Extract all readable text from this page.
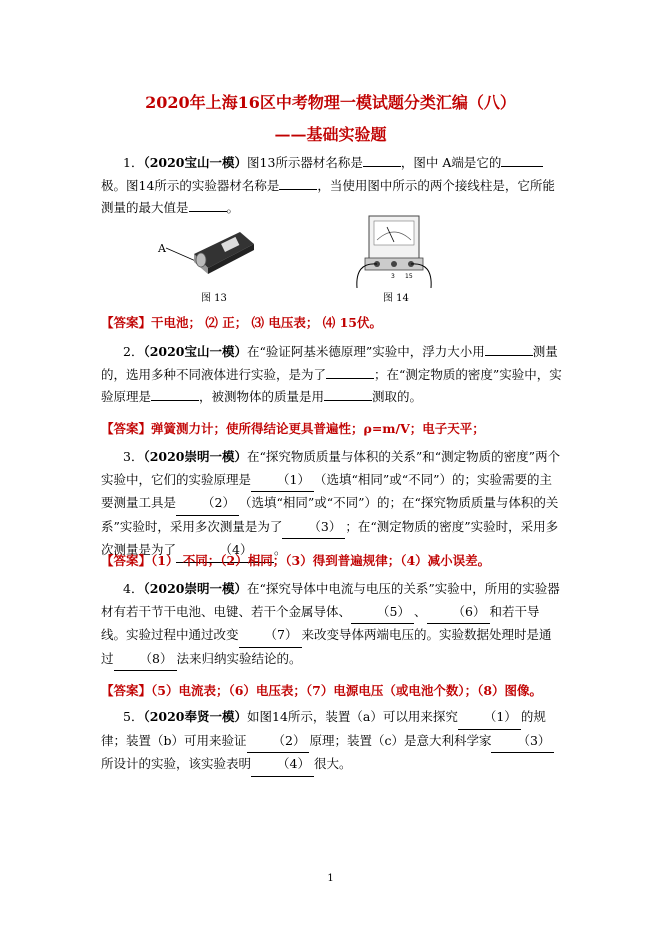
2020年上海16区中考物理一模试题分类汇编（八）
——基础实验题
1．（2020宝山一模）图13所示器材名称是	，图中 A端是它的极。图14所示的实验器材名称是	，当使用图中所示的两个接线柱是，它所能测量的最大值是	。
A
图 13
3 15
图 14
【答案】干电池； ⑵ 正； ⑶ 电压表； ⑷ 15伏。
2．（2020宝山一模）在“验证阿基米德原理”实验中，浮力大小用	测量的，选用多种不同液体进行实验，是为了	；在“测定物质的密度”实验中，实验原理是	，被测物体的质量是用	测取的。
【答案】弹簧测力计；使所得结论更具普遍性；ρ=m/V；电子天平；
3．（2020崇明一模）在“探究物质质量与体积的关系”和“测定物质的密度”两个实验中，它们的实验原理是 （1） （选填“相同”或“不同”）的；实验需要的主要测量工具是 （2） （选填“相同”或“不同”）的；在“探究物质质量与体积的关系”实验时，采用多次测量是为了 （3） ；在“测定物质的密度”实验时，采用多次测量是为了	（4） 。
【答案】（1） 不同；（2）相同；（3）得到普遍规律；（4）减小误差。
4．（2020崇明一模）在“探究导体中电流与电压的关系”实验中，所用的实验器材有若干节干电池、电键、若干个金属导体、 （5） 、 （6） 和若干导线。实验过程中通过改变 （7） 来改变导体两端电压的。实验数据处理时是通过 （8） 法来归纳实验结论的。
【答案】（5）电流表；（6）电压表；（7）电源电压（或电池个数）；（8）图像。
5．（2020奉贤一模）如图14所示，装置（a）可以用来探究 （1） 的规律；装置（b）可用来验证 （2） 原理；装置（c）是意大利科学家 （3）所设计的实验，该实验表明 （4） 很大。
1
